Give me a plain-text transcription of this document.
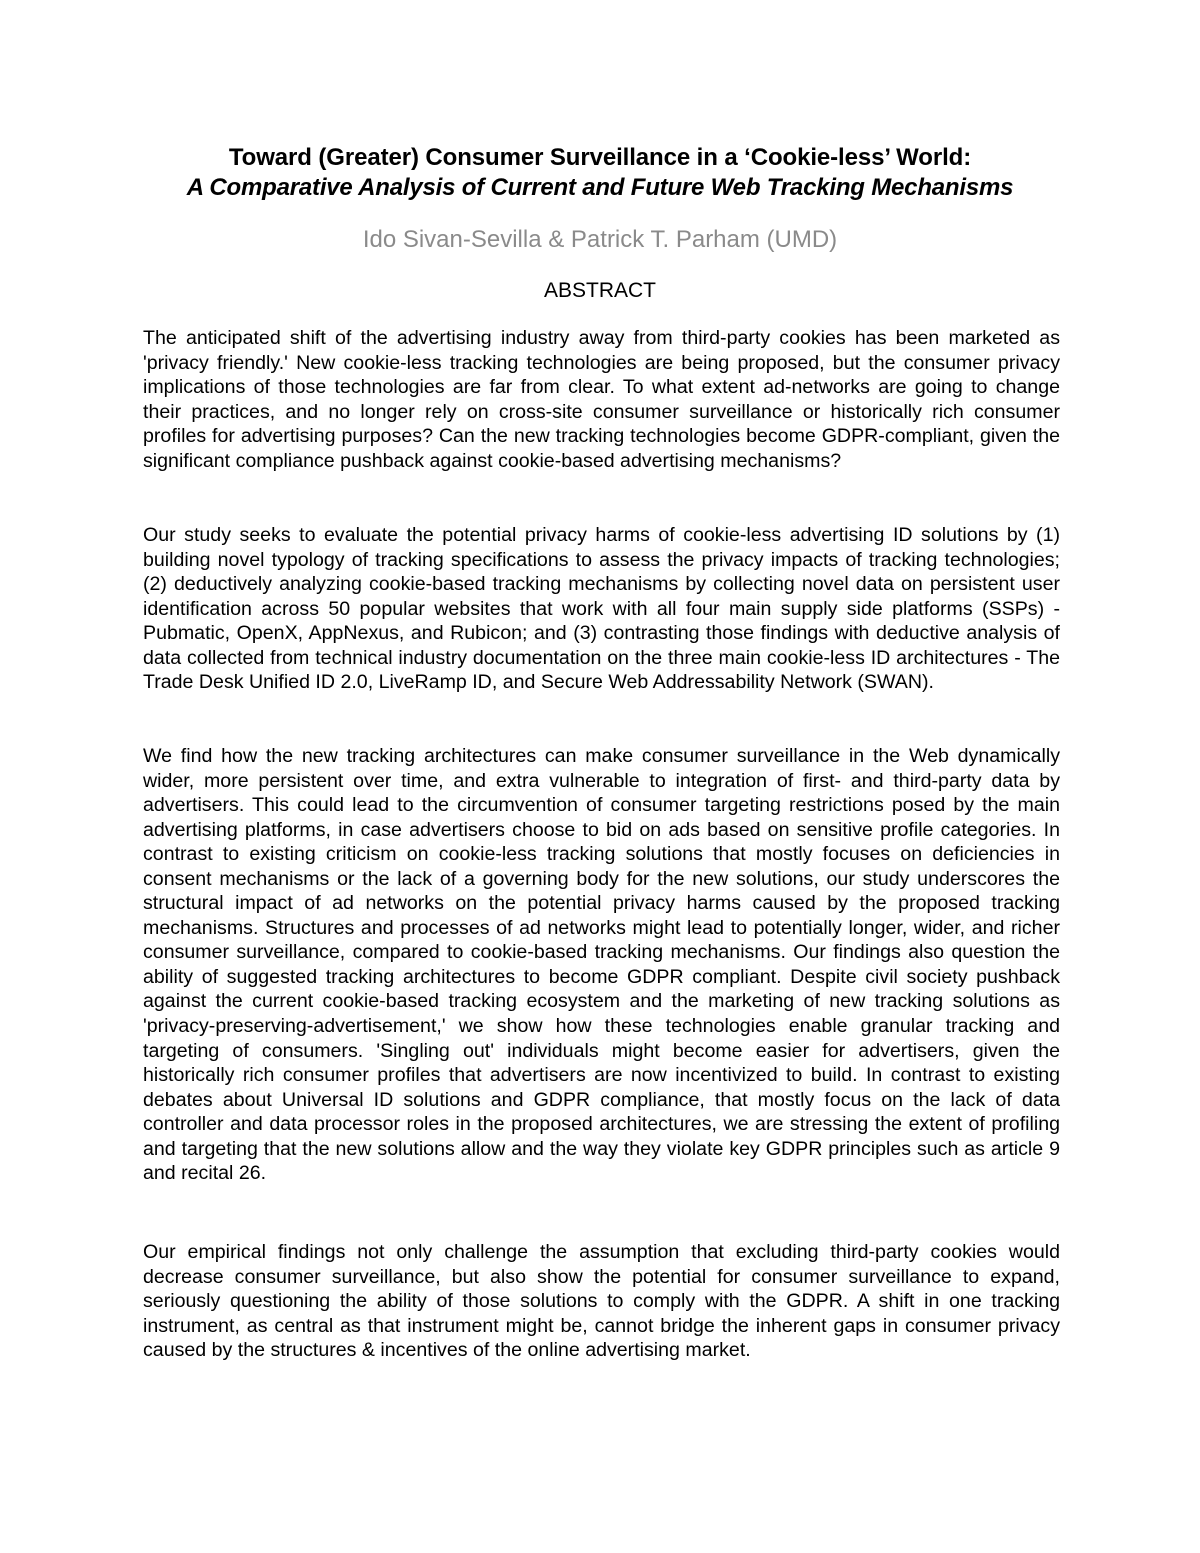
Toward (Greater) Consumer Surveillance in a ‘Cookie-less’ World:
A Comparative Analysis of Current and Future Web Tracking Mechanisms

Ido Sivan-Sevilla & Patrick T. Parham (UMD)

ABSTRACT

The anticipated shift of the advertising industry away from third-party cookies has been marketed as 'privacy friendly.' New cookie-less tracking technologies are being proposed, but the consumer privacy implications of those technologies are far from clear. To what extent ad-networks are going to change their practices, and no longer rely on cross-site consumer surveillance or historically rich consumer profiles for advertising purposes? Can the new tracking technologies become GDPR-compliant, given the significant compliance pushback against cookie-based advertising mechanisms?

Our study seeks to evaluate the potential privacy harms of cookie-less advertising ID solutions by (1) building novel typology of tracking specifications to assess the privacy impacts of tracking technologies; (2) deductively analyzing cookie-based tracking mechanisms by collecting novel data on persistent user identification across 50 popular websites that work with all four main supply side platforms (SSPs) - Pubmatic, OpenX, AppNexus, and Rubicon; and (3) contrasting those findings with deductive analysis of data collected from technical industry documentation on the three main cookie-less ID architectures - The Trade Desk Unified ID 2.0, LiveRamp ID, and Secure Web Addressability Network (SWAN).

We find how the new tracking architectures can make consumer surveillance in the Web dynamically wider, more persistent over time, and extra vulnerable to integration of first- and third-party data by advertisers. This could lead to the circumvention of consumer targeting restrictions posed by the main advertising platforms, in case advertisers choose to bid on ads based on sensitive profile categories. In contrast to existing criticism on cookie-less tracking solutions that mostly focuses on deficiencies in consent mechanisms or the lack of a governing body for the new solutions, our study underscores the structural impact of ad networks on the potential privacy harms caused by the proposed tracking mechanisms. Structures and processes of ad networks might lead to potentially longer, wider, and richer consumer surveillance, compared to cookie-based tracking mechanisms. Our findings also question the ability of suggested tracking architectures to become GDPR compliant. Despite civil society pushback against the current cookie-based tracking ecosystem and the marketing of new tracking solutions as 'privacy-preserving-advertisement,' we show how these technologies enable granular tracking and targeting of consumers. 'Singling out' individuals might become easier for advertisers, given the historically rich consumer profiles that advertisers are now incentivized to build. In contrast to existing debates about Universal ID solutions and GDPR compliance, that mostly focus on the lack of data controller and data processor roles in the proposed architectures, we are stressing the extent of profiling and targeting that the new solutions allow and the way they violate key GDPR principles such as article 9 and recital 26.

Our empirical findings not only challenge the assumption that excluding third-party cookies would decrease consumer surveillance, but also show the potential for consumer surveillance to expand, seriously questioning the ability of those solutions to comply with the GDPR. A shift in one tracking instrument, as central as that instrument might be, cannot bridge the inherent gaps in consumer privacy caused by the structures & incentives of the online advertising market.
